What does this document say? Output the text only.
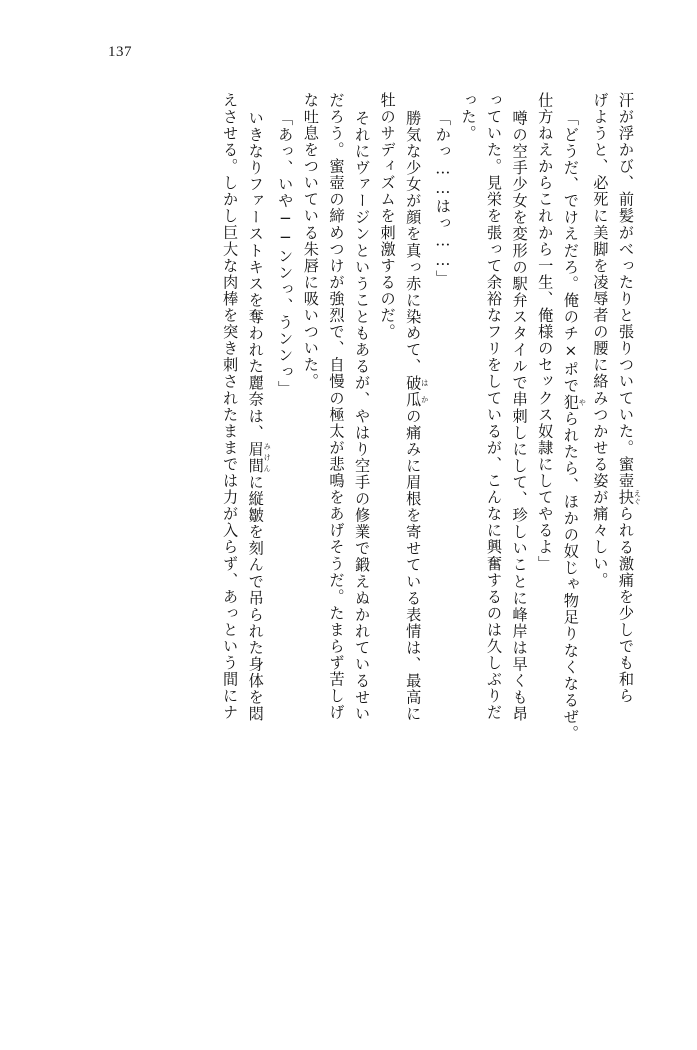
137
汗が浮かび、前髪がべったりと張りついていた。蜜壺　抉えぐられる激痛を少しでも和ら
げようと、必死に美脚を凌辱者の腰に絡みつかせる姿が痛々しい。
「どうだ、でけえだろ。俺のチ×ポで犯やられたら、ほかの奴じゃ物足りなくなるぜ。
仕方ねえからこれから一生、俺様のセックス奴隷にしてやるよ」
噂の空手少女を変形の駅弁スタイルで串刺しにして、珍しいことに峰岸は早くも昂
っていた。見栄を張って余裕なフリをしているが、こんなに興奮するのは久しぶりだ
った。
「かっ……はっ……」
勝気な少女が顔を真っ赤に染めて、破瓜はかの痛みに眉根を寄せている表情は、最高に
牡のサディズムを刺激するのだ。
それにヴァージンということもあるが、やはり空手の修業で鍛えぬかれているせい
だろう。蜜壺の締めつけが強烈で、自慢の極太が悲鳴をあげそうだ。たまらず苦しげ
な吐息をついている朱唇に吸いついた。
「あっ、いや──ンンっ、うンンっ」
いきなりファーストキスを奪われた麗奈は、眉間みけんに縦皺を刻んで吊られた身体を悶
えさせる。しかし巨大な肉棒を突き刺されたままでは力が入らず、あっという間にナ
